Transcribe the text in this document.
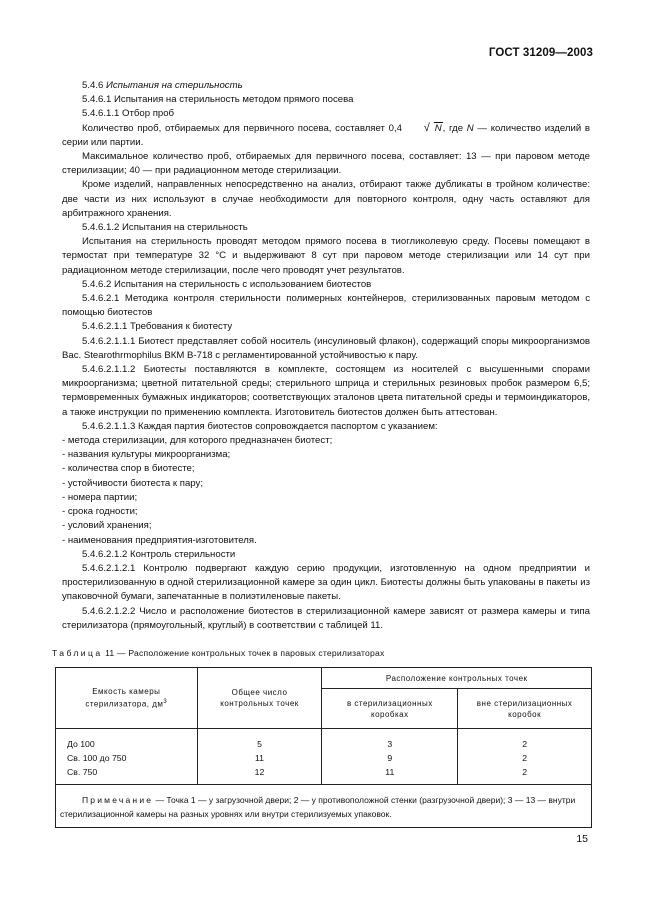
ГОСТ 31209—2003

5.4.6 Испытания на стерильность

5.4.6.1 Испытания на стерильность методом прямого посева

5.4.6.1.1 Отбор проб

Количество проб, отбираемых для первичного посева, составляет 0,4	√ N, где N — количество изделий в серии или партии.

Максимальное количество проб, отбираемых для первичного посева, составляет: 13 — при паровом методе стерилизации; 40 — при радиационном методе стерилизации.

Кроме изделий, направленных непосредственно на анализ, отбирают также дубликаты в тройном количестве: две части из них используют в случае необходимости для повторного контроля, одну часть оставляют для арбитражного хранения.

5.4.6.1.2 Испытания на стерильность

Испытания на стерильность проводят методом прямого посева в тиогликолевую среду. Посевы помещают в термостат при температуре 32 °С и выдерживают 8 сут при паровом методе стерилизации или 14 сут при радиационном методе стерилизации, после чего проводят учет результатов.

5.4.6.2 Испытания на стерильность с использованием биотестов

5.4.6.2.1 Методика контроля стерильности полимерных контейнеров, стерилизованных паровым методом с помощью биотестов

5.4.6.2.1.1 Требования к биотесту

5.4.6.2.1.1.1 Биотест представляет собой носитель (инсулиновый флакон), содержащий споры микроорганизмов Bac. Stearothrmophilus ВКМ В-718 с регламентированной устойчивостью к пару.

5.4.6.2.1.1.2 Биотесты поставляются в комплекте, состоящем из носителей с высушенными спорами микроорганизма; цветной питательной среды; стерильного шприца и стерильных резиновых пробок размером 6,5; термовременных бумажных индикаторов; соответствующих эталонов цвета питательной среды и термоиндикаторов, а также инструкции по применению комплекта. Изготовитель биотестов должен быть аттестован.

5.4.6.2.1.1.3 Каждая партия биотестов сопровождается паспортом с указанием:

- метода стерилизации, для которого предназначен биотест;

- названия культуры микроорганизма;

- количества спор в биотесте;

- устойчивости биотеста к пару;

- номера партии;

- срока годности;

- условий хранения;

- наименования предприятия-изготовителя.

5.4.6.2.1.2 Контроль стерильности

5.4.6.2.1.2.1 Контролю подвергают каждую серию продукции, изготовленную на одном предприятии и простерилизованную в одной стерилизационной камере за один цикл. Биотесты должны быть упакованы в пакеты из упаковочной бумаги, запечатанные в полиэтиленовые пакеты.

5.4.6.2.1.2.2 Число и расположение биотестов в стерилизационной камере зависят от размера камеры и типа стерилизатора (прямоугольный, круглый) в соответствии с таблицей 11.

Таблица 11 — Расположение контрольных точек в паровых стерилизаторах
Емкость камеры стерилизатора, $дм^3$	Общее число контрольных точек	Расположение контрольных точек	

		в стерилизационных коробках	вне стерилизационных коробок

До 100	5	3	2
Св. 100 до 750	11	9	2
Св. 750	12	11	2

Примечание — Точка 1 — у загрузочной двери; 2 — у противоположной стенки (разгрузочной двери); 3 — 13 — внутри стерилизационной камеры на разных уровнях или внутри стерилизуемых упаковок.			
15
